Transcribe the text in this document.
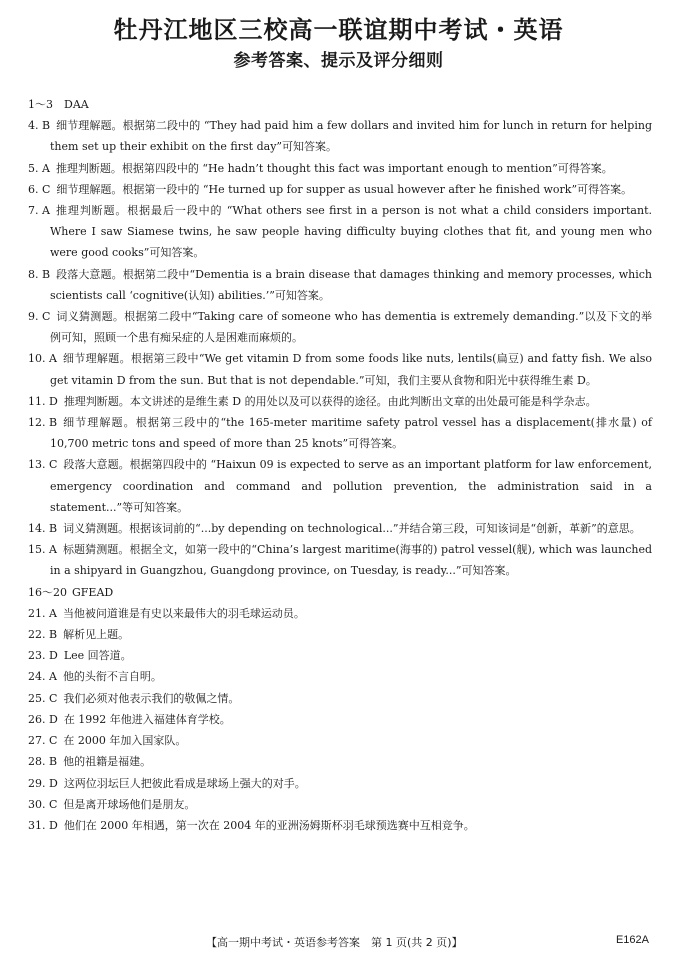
牡丹江地区三校高一联谊期中考试・英语
参考答案、提示及评分细则
1～3 DAA
4. B 细节理解题。根据第二段中的 “They had paid him a few dollars and invited him for lunch in return for helping them set up their exhibit on the first day”可知答案。
5. A 推理判断题。根据第四段中的 “He hadn’t thought this fact was important enough to mention”可得答案。
6. C 细节理解题。根据第一段中的 “He turned up for supper as usual however after he finished work”可得答案。
7. A 推理判断题。根据最后一段中的 “What others see first in a person is not what a child considers important. Where I saw Siamese twins, he saw people having difficulty buying clothes that fit, and young men who were good cooks”可知答案。
8. B 段落大意题。根据第二段中“Dementia is a brain disease that damages thinking and memory processes, which scientists call ‘cognitive(认知) abilities.’”可知答案。
9. C 词义猜测题。根据第二段中“Taking care of someone who has dementia is extremely demanding.”以及下文的举例可知，照顾一个患有痴呆症的人是困难而麻烦的。
10. A 细节理解题。根据第三段中“We get vitamin D from some foods like nuts, lentils(扁豆) and fatty fish. We also get vitamin D from the sun. But that is not dependable.”可知，我们主要从食物和阳光中获得维生素 D。
11. D 推理判断题。本文讲述的是维生素 D 的用处以及可以获得的途径。由此判断出文章的出处最可能是科学杂志。
12. B 细节理解题。根据第三段中的“the 165-meter maritime safety patrol vessel has a displacement(排水量) of 10,700 metric tons and speed of more than 25 knots”可得答案。
13. C 段落大意题。根据第四段中的 “Haixun 09 is expected to serve as an important platform for law enforcement, emergency coordination and command and pollution prevention, the administration said in a statement...”等可知答案。
14. B 词义猜测题。根据该词前的“...by depending on technological...”并结合第三段，可知该词是“创新，革新”的意思。
15. A 标题猜测题。根据全文，如第一段中的“China’s largest maritime(海事的) patrol vessel(舰), which was launched in a shipyard in Guangzhou, Guangdong province, on Tuesday, is ready...”可知答案。
16～20 GFEAD
21. A 当他被问道谁是有史以来最伟大的羽毛球运动员。
22. B 解析见上题。
23. D Lee 回答道。
24. A 他的头衔不言自明。
25. C 我们必须对他表示我们的敬佩之情。
26. D 在 1992 年他进入福建体育学校。
27. C 在 2000 年加入国家队。
28. B 他的祖籍是福建。
29. D 这两位羽坛巨人把彼此看成是球场上强大的对手。
30. C 但是离开球场他们是朋友。
31. D 他们在 2000 年相遇，第一次在 2004 年的亚洲汤姆斯杯羽毛球预选赛中互相竞争。
【高一期中考试・英语参考答案　第 1 页(共 2 页)】	E162A
